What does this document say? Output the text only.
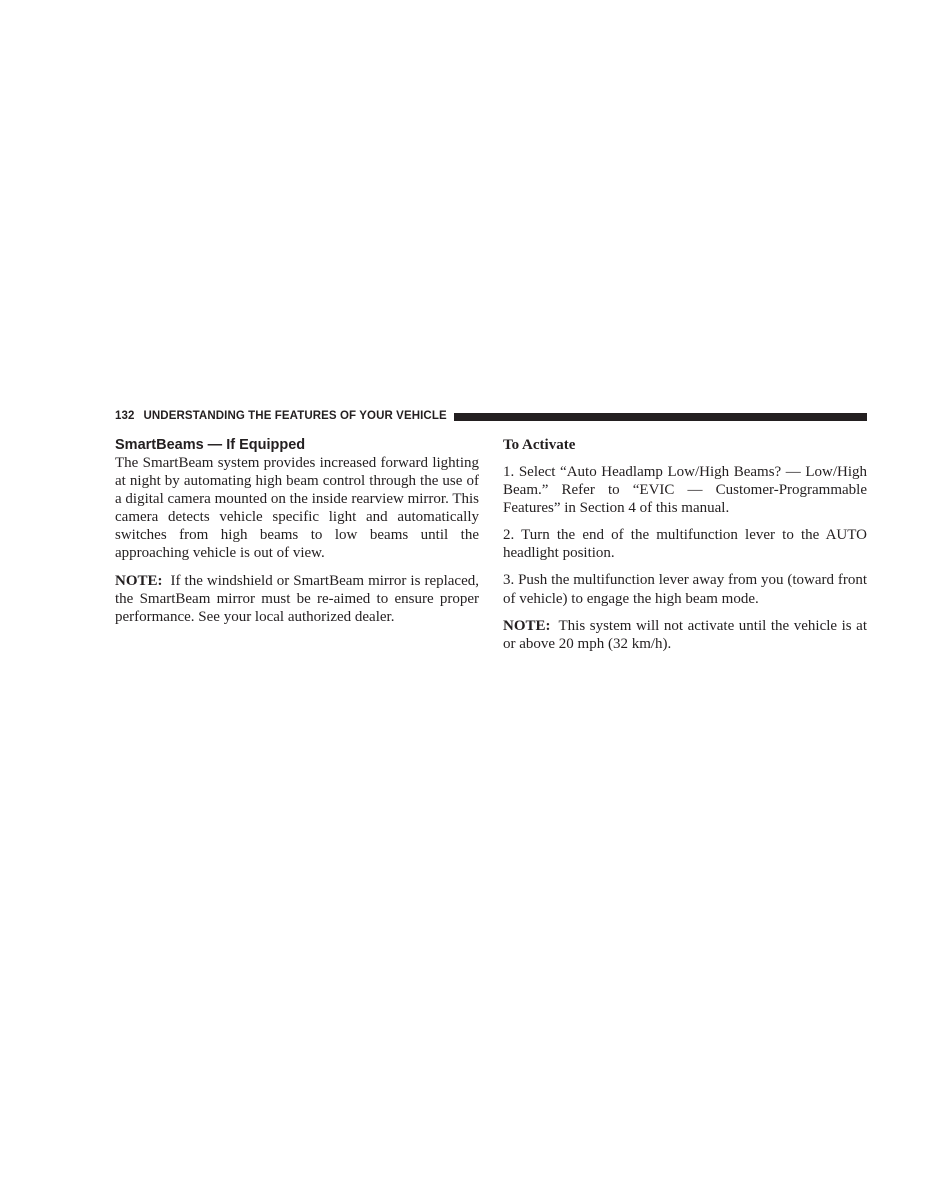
132 UNDERSTANDING THE FEATURES OF YOUR VEHICLE
SmartBeams — If Equipped

The SmartBeam system provides increased forward lighting at night by automating high beam control through the use of a digital camera mounted on the inside rearview mirror. This camera detects vehicle specific light and automatically switches from high beams to low beams until the approaching vehicle is out of view.

NOTE: If the windshield or SmartBeam mirror is replaced, the SmartBeam mirror must be re-aimed to ensure proper performance. See your local authorized dealer.

To Activate

1. Select “Auto Headlamp Low/High Beams? — Low/High Beam.” Refer to “EVIC — Customer-Programmable Features” in Section 4 of this manual.

2. Turn the end of the multifunction lever to the AUTO headlight position.

3. Push the multifunction lever away from you (toward front of vehicle) to engage the high beam mode.

NOTE: This system will not activate until the vehicle is at or above 20 mph (32 km/h).
